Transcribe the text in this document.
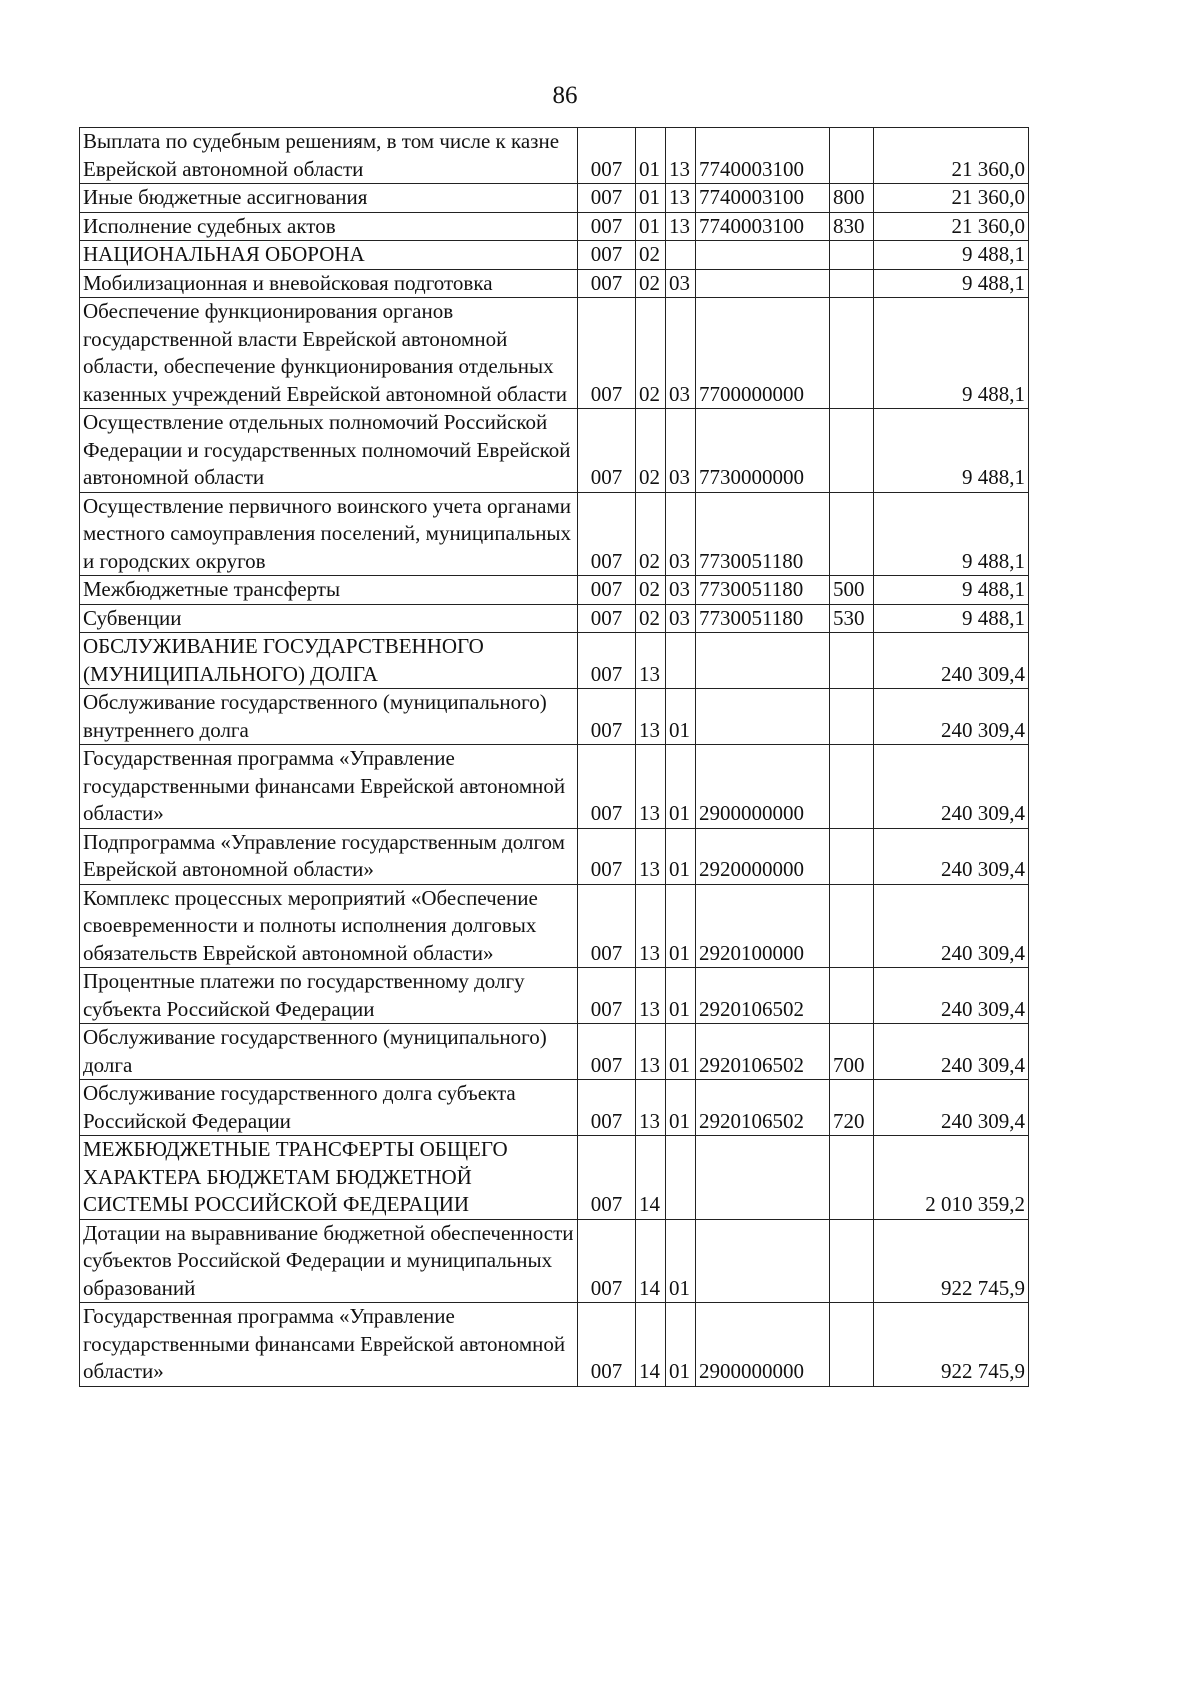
86
Выплата по судебным решениям, в том числе к казне Еврейской автономной области	007	01	13	7740003100		21 360,0
Иные бюджетные ассигнования	007	01	13	7740003100	800	21 360,0
Исполнение судебных актов	007	01	13	7740003100	830	21 360,0
НАЦИОНАЛЬНАЯ ОБОРОНА	007	02				9 488,1
Мобилизационная и вневойсковая подготовка	007	02	03			9 488,1
Обеспечение функционирования органов государственной власти Еврейской автономной области, обеспечение функционирования отдельных казенных учреждений Еврейской автономной области	007	02	03	7700000000		9 488,1
Осуществление отдельных полномочий Российской Федерации и государственных полномочий Еврейской автономной области	007	02	03	7730000000		9 488,1
Осуществление первичного воинского учета органами местного самоуправления поселений, муниципальных и городских округов	007	02	03	7730051180		9 488,1
Межбюджетные трансферты	007	02	03	7730051180	500	9 488,1
Субвенции	007	02	03	7730051180	530	9 488,1
ОБСЛУЖИВАНИЕ ГОСУДАРСТВЕННОГО (МУНИЦИПАЛЬНОГО) ДОЛГА	007	13				240 309,4
Обслуживание государственного (муниципального) внутреннего долга	007	13	01			240 309,4
Государственная программа «Управление государственными финансами Еврейской автономной области»	007	13	01	2900000000		240 309,4
Подпрограмма «Управление государственным долгом Еврейской автономной области»	007	13	01	2920000000		240 309,4
Комплекс процессных мероприятий «Обеспечение своевременности и полноты исполнения долговых обязательств Еврейской автономной области»	007	13	01	2920100000		240 309,4
Процентные платежи по государственному долгу субъекта Российской Федерации	007	13	01	2920106502		240 309,4
Обслуживание государственного (муниципального) долга	007	13	01	2920106502	700	240 309,4
Обслуживание государственного долга субъекта Российской Федерации	007	13	01	2920106502	720	240 309,4
МЕЖБЮДЖЕТНЫЕ ТРАНСФЕРТЫ ОБЩЕГО ХАРАКТЕРА БЮДЖЕТАМ БЮДЖЕТНОЙ СИСТЕМЫ РОССИЙСКОЙ ФЕДЕРАЦИИ	007	14				2 010 359,2
Дотации на выравнивание бюджетной обеспеченности субъектов Российской Федерации и муниципальных образований	007	14	01			922 745,9
Государственная программа «Управление государственными финансами Еврейской автономной области»	007	14	01	2900000000		922 745,9
